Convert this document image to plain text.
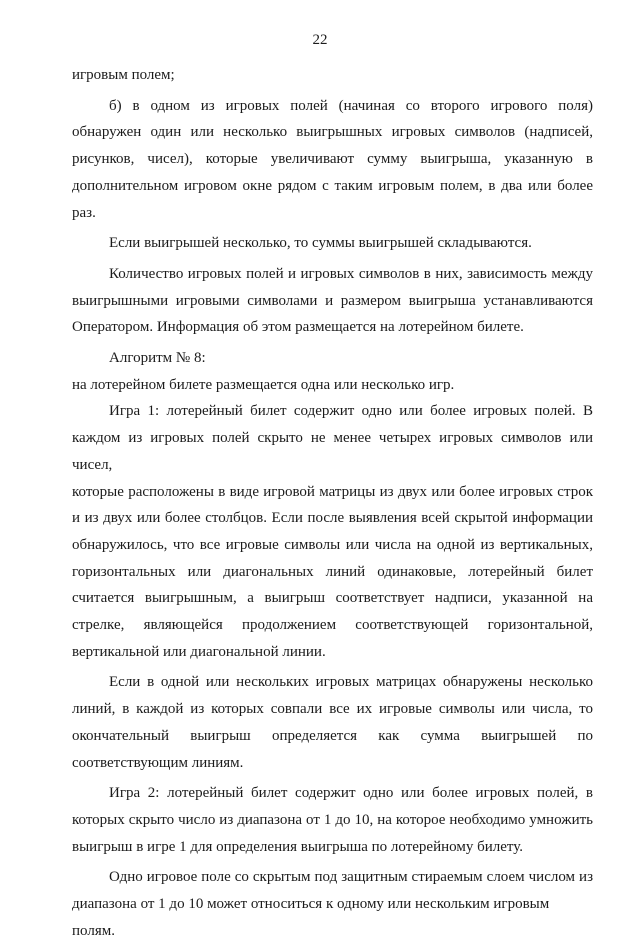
22

игровым полем;

б) в одном из игровых полей (начиная со второго игрового поля)

обнаружен один или несколько выигрышных игровых символов (надписей,

рисунков, чисел), которые увеличивают сумму выигрыша, указанную в

дополнительном игровом окне рядом с таким игровым полем, в два или более

раз.

Если выигрышей несколько, то суммы выигрышей складываются.

Количество игровых полей и игровых символов в них, зависимость между

выигрышными игровыми символами и размером выигрыша устанавливаются

Оператором. Информация об этом размещается на лотерейном билете.

Алгоритм № 8:

на лотерейном билете размещается одна или несколько игр.

Игра 1: лотерейный билет содержит одно или более игровых полей. В

каждом из игровых полей скрыто не менее четырех игровых символов или чисел,

которые расположены в виде игровой матрицы из двух или более игровых строк

и из двух или более столбцов. Если после выявления всей скрытой информации

обнаружилось, что все игровые символы или числа на одной из вертикальных,

горизонтальных или диагональных линий одинаковые, лотерейный билет

считается выигрышным, а выигрыш соответствует надписи, указанной на

стрелке, являющейся продолжением соответствующей горизонтальной,

вертикальной или диагональной линии.

Если в одной или нескольких игровых матрицах обнаружены несколько

линий, в каждой из которых совпали все их игровые символы или числа, то

окончательный выигрыш определяется как сумма выигрышей по

соответствующим линиям.

Игра 2: лотерейный билет содержит одно или более игровых полей, в

которых скрыто число из диапазона от 1 до 10, на которое необходимо умножить

выигрыш в игре 1 для определения выигрыша по лотерейному билету.

Одно игровое поле со скрытым под защитным стираемым слоем числом из

диапазона от 1 до 10 может относиться к одному или нескольким игровым полям.
